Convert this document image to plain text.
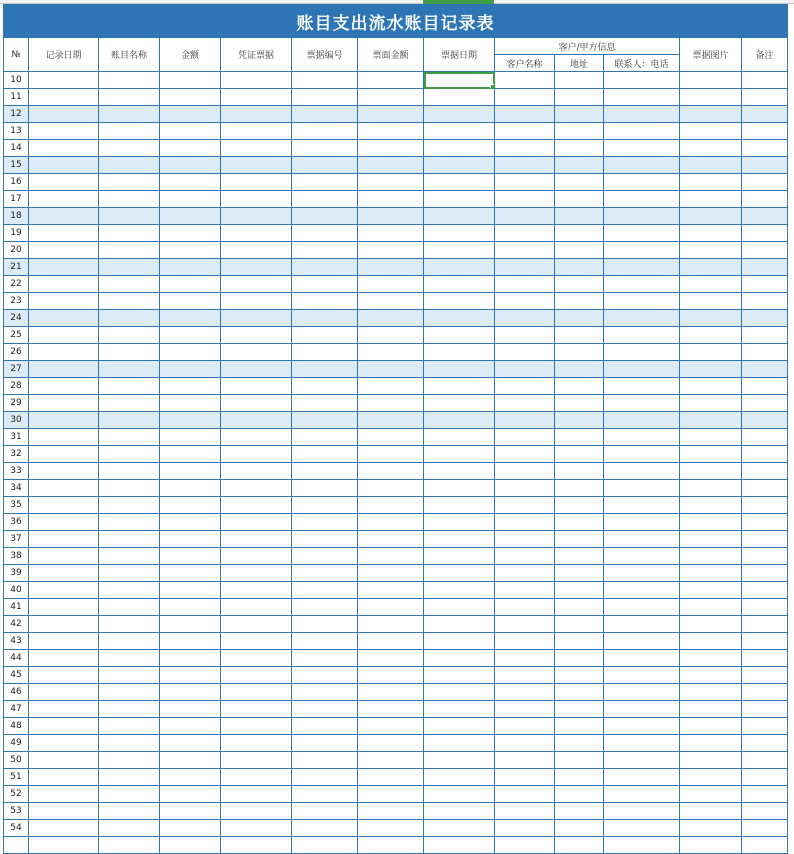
账目支出流水账目记录表												
№	记录日期	账目名称	金额	凭证票据	票据编号	票面金额	票据日期	客户/甲方信息			票据图片	备注
								客户名称	地址	联系人：电话		
10												
11												
12												
13												
14												
15												
16												
17												
18												
19												
20												
21												
22												
23												
24												
25												
26												
27												
28												
29												
30												
31												
32												
33												
34												
35												
36												
37												
38												
39												
40												
41												
42												
43												
44												
45												
46												
47												
48												
49												
50												
51												
52												
53												
54												
